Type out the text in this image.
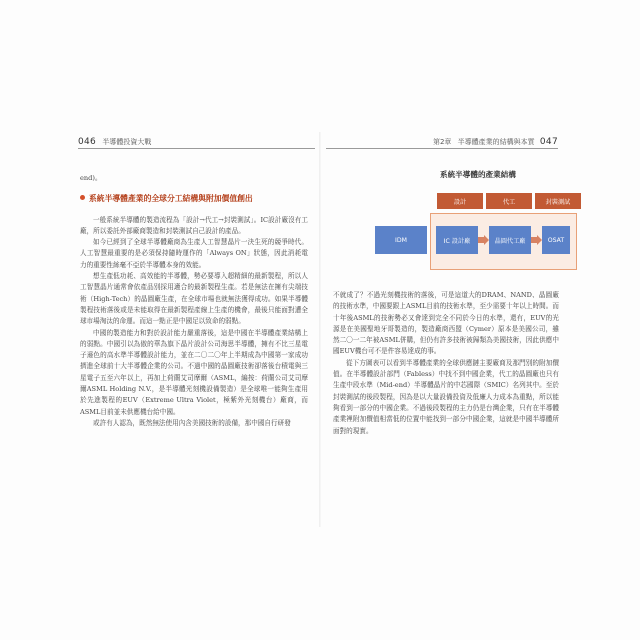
046 半導體投資大戰	第2章 半導體產業的結構與本質 047

end)。

系統半導體產業的全球分工結構與附加價值創出

一般系統半導體的製造流程為「設計→代工→封裝測試」。IC設計廠沒有工廠，所以委託外部廠商製造和封裝測試自己設計的產品。

如今已經到了全球半導體廠商為生產人工智慧晶片一決生死的競爭時代。人工智慧最重要的是必須保持隨時運作的「Always ON」狀態，因此消耗電力的重要性絲毫不亞於半導體本身的效能。

想生產低功耗、高效能的半導體，勢必要導入超精細的最新製程，所以人工智慧晶片通常會依產品別採用適合的最新製程生產。若是無法在擁有尖端技術（High-Tech）的晶圓廠生產，在全球市場也就無法獲得成功。如果半導體製程技術落後或是未能取得在最新製程產線上生產的機會，最後只能面對遭全球市場淘汰的命運。而這一點正是中國足以致命的弱點。

中國的製造能力和對於設計能力嚴重落後，這是中國在半導體產業結構上的弱點。中國引以為傲的華為旗下晶片設計公司海思半導體，擁有不比三星電子遜色的高水準半導體設計能力，並在二〇二〇年上半期成為中國第一家成功擠進全球前十大半導體企業的公司。不過中國的晶圓廠技術卻落後台積電與三星電子五至六年以上，再加上荷蘭艾司摩爾（ASML，編按：荷蘭公司艾司摩爾ASML Holding N.V.，是半導體光刻機設備製造）是全球唯一能夠生產用於先進製程的EUV（Extreme Ultra Violet，極紫外光刻機台）廠商，而ASML目前並未供應機台給中國。

或許有人認為，既然無法使用內含美國技術的設備，那中國自行研發

系統半導體的產業結構
設計	代工	封裝測試
IDM	IC 設計廠	晶圓代工廠	OSAT

不就成了？不過光刻機技術的落後，可是這道大的DRAM、NAND、晶圓廠的技術水準，中國要跟上ASML目前的技術水準，至少需要十年以上時間。而十年後ASML的技術勢必又會達到完全不同於今日的水準，還有，EUV的光源是在美國聖地牙哥製造的，製造廠商西盟（Cymer）原本是美國公司，雖然二〇一二年被ASML併購，但仍有許多技術被歸類為美國技術，因此供應中國EUV機台可不是件容易達成的事。

從下方圖表可以看到半導體產業的全球供應鏈主要廠商及那門別的附加價值。在半導體設計部門（Fabless）中找不到中國企業，代工的晶圓廠也只有生產中段水準（Mid-end）半導體晶片的中芯國際（SMIC）名列其中。至於封裝測試的後段製程，因為是以大量設備投資及低廉人力成本為重點，所以能夠看到一部分的中國企業。不過後段製程的主力仍是台灣企業，只有在半導體產業裡附加價值相當低的位置中能找到一部分中國企業，這就是中國半導體所面對的現實。
